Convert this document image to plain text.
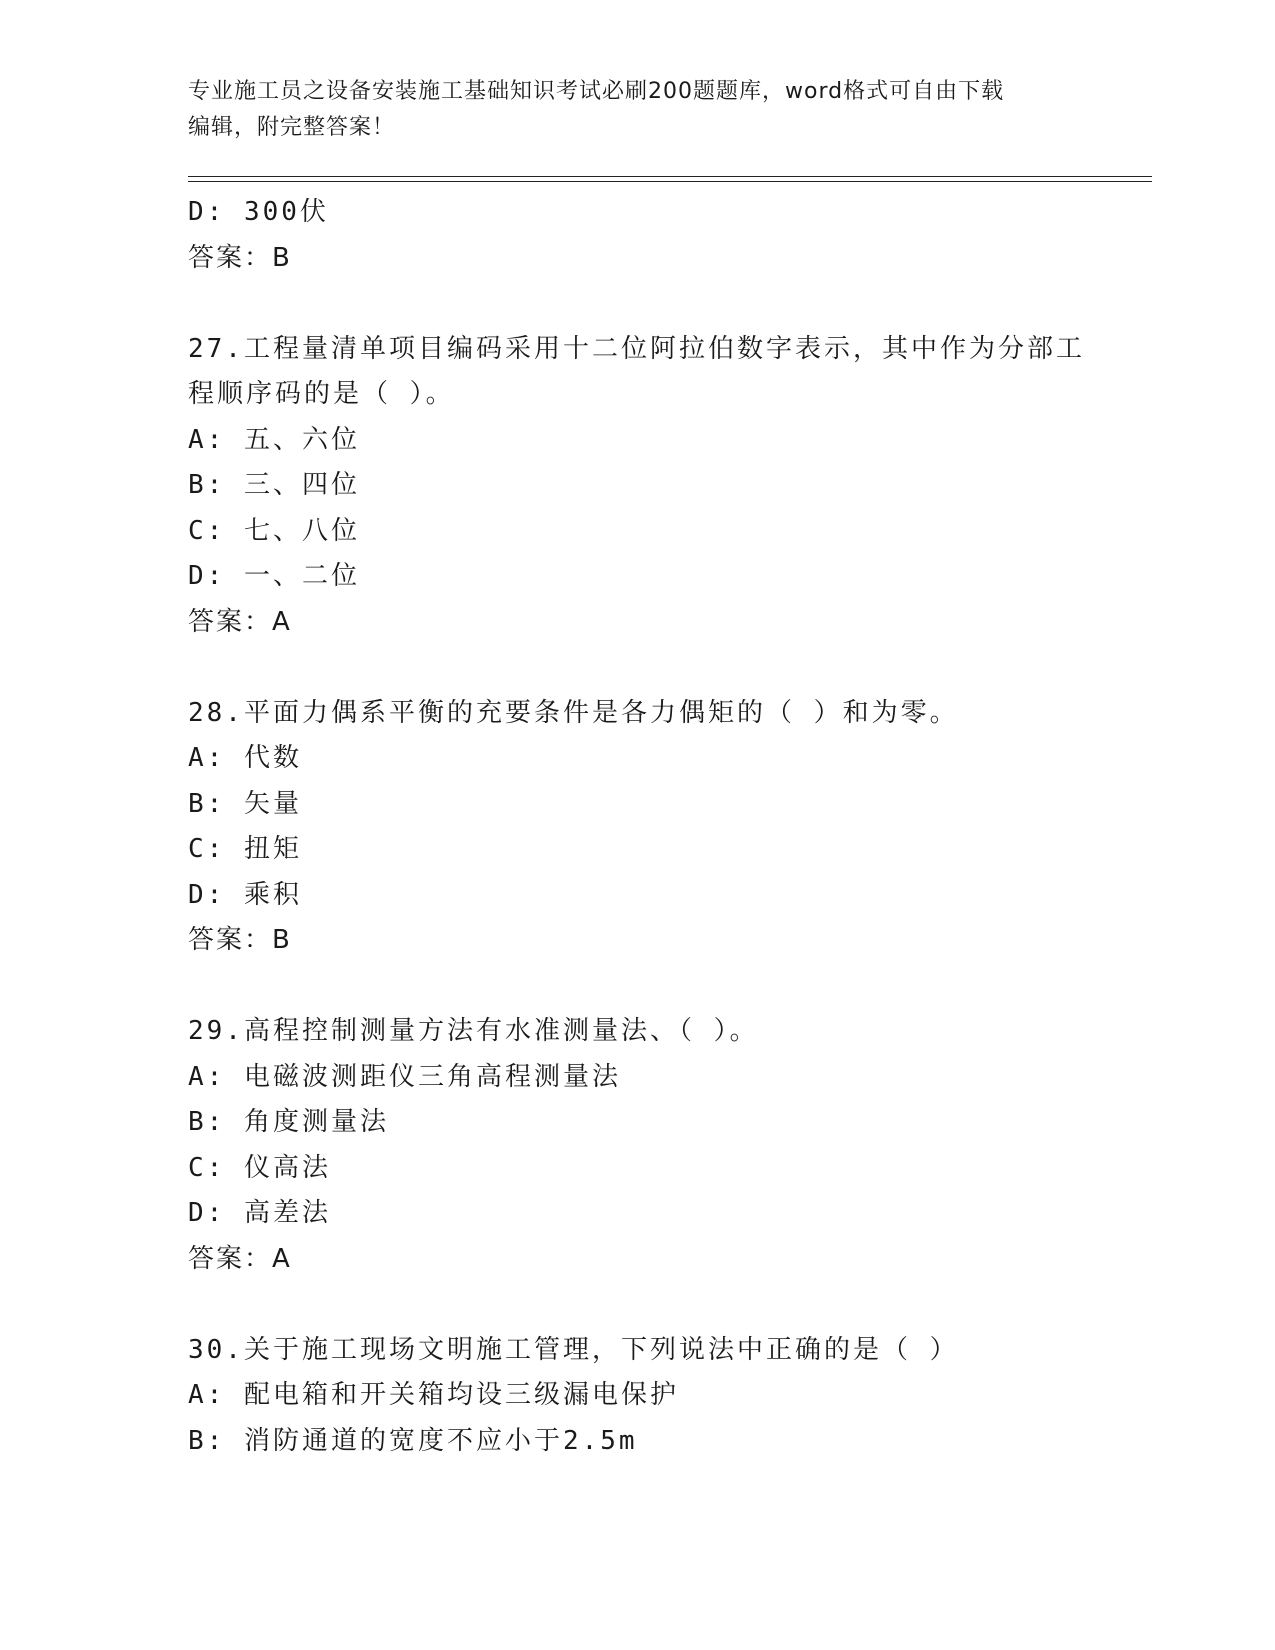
专业施工员之设备安装施工基础知识考试必刷200题题库，word格式可自由下载
编辑，附完整答案！
D: 300伏
答案：B
27.工程量清单项目编码采用十二位阿拉伯数字表示，其中作为分部工
程顺序码的是（ ）。
A: 五、六位
B: 三、四位
C: 七、八位
D: 一、二位
答案：A
28.平面力偶系平衡的充要条件是各力偶矩的（ ）和为零。
A: 代数
B: 矢量
C: 扭矩
D: 乘积
答案：B
29.高程控制测量方法有水准测量法、（ ）。
A: 电磁波测距仪三角高程测量法
B: 角度测量法
C: 仪高法
D: 高差法
答案：A
30.关于施工现场文明施工管理，下列说法中正确的是（ ）
A: 配电箱和开关箱均设三级漏电保护
B: 消防通道的宽度不应小于2.5m
